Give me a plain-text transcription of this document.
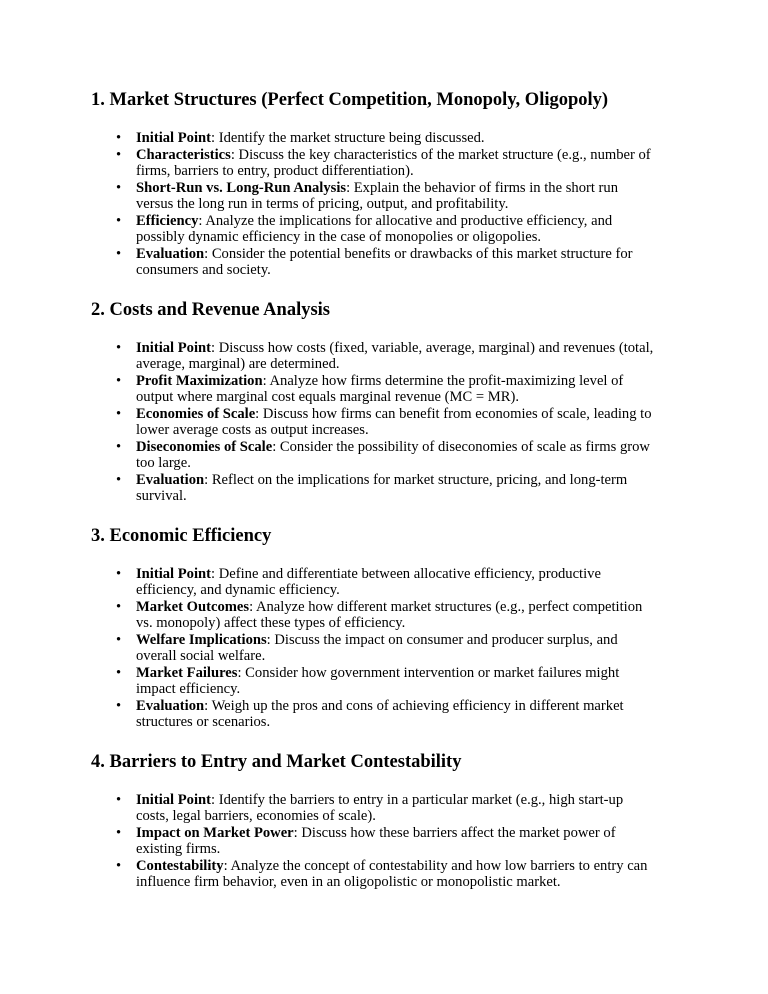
1. Market Structures (Perfect Competition, Monopoly, Oligopoly)
• Initial Point: Identify the market structure being discussed.
• Characteristics: Discuss the key characteristics of the market structure (e.g., number of firms, barriers to entry, product differentiation).
• Short-Run vs. Long-Run Analysis: Explain the behavior of firms in the short run versus the long run in terms of pricing, output, and profitability.
• Efficiency: Analyze the implications for allocative and productive efficiency, and possibly dynamic efficiency in the case of monopolies or oligopolies.
• Evaluation: Consider the potential benefits or drawbacks of this market structure for consumers and society.
2. Costs and Revenue Analysis
• Initial Point: Discuss how costs (fixed, variable, average, marginal) and revenues (total, average, marginal) are determined.
• Profit Maximization: Analyze how firms determine the profit-maximizing level of output where marginal cost equals marginal revenue (MC = MR).
• Economies of Scale: Discuss how firms can benefit from economies of scale, leading to lower average costs as output increases.
• Diseconomies of Scale: Consider the possibility of diseconomies of scale as firms grow too large.
• Evaluation: Reflect on the implications for market structure, pricing, and long-term survival.
3. Economic Efficiency
• Initial Point: Define and differentiate between allocative efficiency, productive efficiency, and dynamic efficiency.
• Market Outcomes: Analyze how different market structures (e.g., perfect competition vs. monopoly) affect these types of efficiency.
• Welfare Implications: Discuss the impact on consumer and producer surplus, and overall social welfare.
• Market Failures: Consider how government intervention or market failures might impact efficiency.
• Evaluation: Weigh up the pros and cons of achieving efficiency in different market structures or scenarios.
4. Barriers to Entry and Market Contestability
• Initial Point: Identify the barriers to entry in a particular market (e.g., high start-up costs, legal barriers, economies of scale).
• Impact on Market Power: Discuss how these barriers affect the market power of existing firms.
• Contestability: Analyze the concept of contestability and how low barriers to entry can influence firm behavior, even in an oligopolistic or monopolistic market.
